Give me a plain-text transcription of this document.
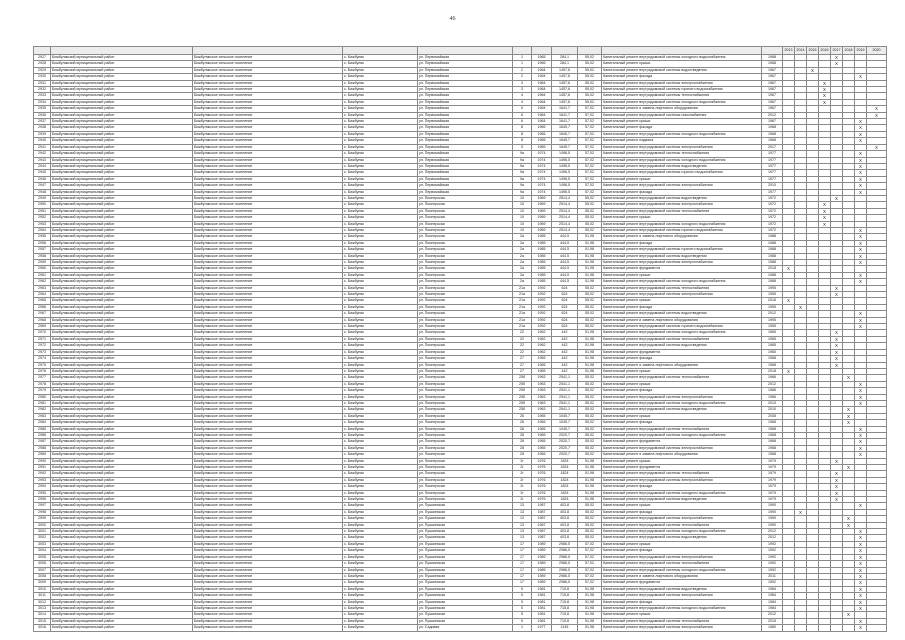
46
											2013	2014	2015	2016	2017	2018	2019	2020
2927	Бижбулякский муниципальный район	Бижбулякское сельское поселение	с. Бижбуляк	ул. Первомайская	1	1965	284,1	55,02	Капитальный ремонт внутридомовой системы холодного водоснабжения	1968					X			
2928	Бижбулякский муниципальный район	Бижбулякское сельское поселение	с. Бижбуляк	ул. Первомайская	1	1965	284,1	55,02	Капитальный ремонт крыши	1968					X			
2929	Бижбулякский муниципальный район	Бижбулякское сельское поселение	с. Бижбуляк	ул. Первомайская	2	1964	1457,6	55,02	Капитальный ремонт внутридомовой системы водоотведения	1967			X					
2930	Бижбулякский муниципальный район	Бижбулякское сельское поселение	с. Бижбуляк	ул. Первомайская	2	1964	1457,6	55,02	Капитальный ремонт фасада	1967							X	
2931	Бижбулякский муниципальный район	Бижбулякское сельское поселение	с. Бижбуляк	ул. Первомайская	3	1964	1457,6	55,02	Капитальный ремонт внутридомовой системы электроснабжения	1967				X				
2932	Бижбулякский муниципальный район	Бижбулякское сельское поселение	с. Бижбуляк	ул. Первомайская	3	1964	1457,6	55,02	Капитальный ремонт внутридомовой системы горячего водоснабжения	1967				X				
2933	Бижбулякский муниципальный район	Бижбулякское сельское поселение	с. Бижбуляк	ул. Первомайская	4	1964	1457,6	55,02	Капитальный ремонт внутридомовой системы теплоснабжения	1967				X				
2934	Бижбулякский муниципальный район	Бижбулякское сельское поселение	с. Бижбуляк	ул. Первомайская	4	1964	1457,6	55,02	Капитальный ремонт внутридомовой системы холодного водоснабжения	1967				X				
2935	Бижбулякский муниципальный район	Бижбулякское сельское поселение	с. Бижбуляк	ул. Первомайская	5	1964	1641,7	57,02	Капитальный ремонт и замена лифтового оборудования	1967								X
2936	Бижбулякский муниципальный район	Бижбулякское сельское поселение	с. Бижбуляк	ул. Первомайская	6	1964	1641,7	57,02	Капитальный ремонт внутридомовой системы газоснабжения	2012								X
2937	Бижбулякский муниципальный район	Бижбулякское сельское поселение	с. Бижбуляк	ул. Первомайская	6	1964	1641,7	57,02	Капитальный ремонт крыши	1967							X	
2938	Бижбулякский муниципальный район	Бижбулякское сельское поселение	с. Бижбуляк	ул. Первомайская	8	1965	1645,7	57,02	Капитальный ремонт фасада	1968							X	
2939	Бижбулякский муниципальный район	Бижбулякское сельское поселение	с. Бижбуляк	ул. Первомайская	8	1965	1645,7	57,02	Капитальный ремонт внутридомовой системы холодного водоснабжения	1968							X	
2940	Бижбулякский муниципальный район	Бижбулякское сельское поселение	с. Бижбуляк	ул. Первомайская	8	1965	1645,7	57,02	Капитальный ремонт подвала	1968							X	
2941	Бижбулякский муниципальный район	Бижбулякское сельское поселение	с. Бижбуляк	ул. Первомайская	9	1965	1645,7	57,02	Капитальный ремонт внутридомовой системы электроснабжения	2017								X
2942	Бижбулякский муниципальный район	Бижбулякское сельское поселение	с. Бижбуляк	ул. Первомайская	9а	1974	1496,5	57,02	Капитальный ремонт внутридомовой системы теплоснабжения	1977							X	
2943	Бижбулякский муниципальный район	Бижбулякское сельское поселение	с. Бижбуляк	ул. Первомайская	9а	1974	1496,5	57,02	Капитальный ремонт внутридомовой системы холодного водоснабжения	1977							X	
2944	Бижбулякский муниципальный район	Бижбулякское сельское поселение	с. Бижбуляк	ул. Первомайская	9а	1974	1496,5	57,02	Капитальный ремонт внутридомовой системы водоотведения	1977							X	
2945	Бижбулякский муниципальный район	Бижбулякское сельское поселение	с. Бижбуляк	ул. Первомайская	9а	1974	1496,5	57,02	Капитальный ремонт внутридомовой системы горячего водоснабжения	1977							X	
2946	Бижбулякский муниципальный район	Бижбулякское сельское поселение	с. Бижбуляк	ул. Первомайская	9а	1974	1496,5	57,02	Капитальный ремонт крыши	1977							X	
2947	Бижбулякский муниципальный район	Бижбулякское сельское поселение	с. Бижбуляк	ул. Первомайская	9а	1974	1496,5	57,02	Капитальный ремонт внутридомовой системы электроснабжения	2010							X	
2948	Бижбулякский муниципальный район	Бижбулякское сельское поселение	с. Бижбуляк	ул. Первомайская	9а	1974	1496,5	57,02	Капитальный ремонт фасада	1977							X	
2949	Бижбулякский муниципальный район	Бижбулякское сельское поселение	с. Бижбуляк	ул. Пионерская	10	1969	2514,4	55,02	Капитальный ремонт внутридомовой системы водоотведения	1972					X			
2950	Бижбулякский муниципальный район	Бижбулякское сельское поселение	с. Бижбуляк	ул. Пионерская	10	1969	2514,4	55,02	Капитальный ремонт внутридомовой системы электроснабжения	1972				X				
2951	Бижбулякский муниципальный район	Бижбулякское сельское поселение	с. Бижбуляк	ул. Пионерская	10	1969	2514,4	55,02	Капитальный ремонт внутридомовой системы теплоснабжения	1972				X				
2952	Бижбулякский муниципальный район	Бижбулякское сельское поселение	с. Бижбуляк	ул. Пионерская	10	1969	2514,4	55,02	Капитальный ремонт крыши	1972				X				
2953	Бижбулякский муниципальный район	Бижбулякское сельское поселение	с. Бижбуляк	ул. Пионерская	10	1969	2514,4	55,02	Капитальный ремонт внутридомовой системы холодного водоснабжения	1972				X				
2954	Бижбулякский муниципальный район	Бижбулякское сельское поселение	с. Бижбуляк	ул. Пионерская	10	1969	2514,4	55,02	Капитальный ремонт внутридомовой системы горячего водоснабжения	1972							X	
2955	Бижбулякский муниципальный район	Бижбулякское сельское поселение	с. Бижбуляк	ул. Пионерская	2а	1985	444,5	51,98	Капитальный ремонт и замена лифтового оборудования	1988							X	
2956	Бижбулякский муниципальный район	Бижбулякское сельское поселение	с. Бижбуляк	ул. Пионерская	2а	1985	444,5	51,98	Капитальный ремонт фасада	1988							X	
2957	Бижбулякский муниципальный район	Бижбулякское сельское поселение	с. Бижбуляк	ул. Пионерская	2а	1985	444,5	51,98	Капитальный ремонт внутридомовой системы горячего водоснабжения	1988							X	
2958	Бижбулякский муниципальный район	Бижбулякское сельское поселение	с. Бижбуляк	ул. Пионерская	2а	1985	444,5	51,98	Капитальный ремонт внутридомовой системы водоотведения	1988							X	
2959	Бижбулякский муниципальный район	Бижбулякское сельское поселение	с. Бижбуляк	ул. Пионерская	2а	1985	444,5	51,98	Капитальный ремонт внутридомовой системы электроснабжения	1988							X	
2960	Бижбулякский муниципальный район	Бижбулякское сельское поселение	с. Бижбуляк	ул. Пионерская	2а	1985	444,5	51,98	Капитальный ремонт фундамента	2018	X							
2961	Бижбулякский муниципальный район	Бижбулякское сельское поселение	с. Бижбуляк	ул. Пионерская	2а	1985	444,5	51,98	Капитальный ремонт крыши	1988							X	
2962	Бижбулякский муниципальный район	Бижбулякское сельское поселение	с. Бижбуляк	ул. Пионерская	2а	1985	444,5	51,98	Капитальный ремонт внутридомовой системы холодного водоснабжения	1988							X	
2963	Бижбулякский муниципальный район	Бижбулякское сельское поселение	с. Бижбуляк	ул. Пионерская	21а	1992	624	55,02	Капитальный ремонт внутридомовой системы теплоснабжения	1995					X			
2964	Бижбулякский муниципальный район	Бижбулякское сельское поселение	с. Бижбуляк	ул. Пионерская	21а	1992	624	55,02	Капитальный ремонт внутридомовой системы электроснабжения	1995					X			
2965	Бижбулякский муниципальный район	Бижбулякское сельское поселение	с. Бижбуляк	ул. Пионерская	21а	1992	624	55,02	Капитальный ремонт крыши	2016	X							
2966	Бижбулякский муниципальный район	Бижбулякское сельское поселение	с. Бижбуляк	ул. Пионерская	21а	1992	624	55,02	Капитальный ремонт фасада	1995		X						
2967	Бижбулякский муниципальный район	Бижбулякское сельское поселение	с. Бижбуляк	ул. Пионерская	21а	1992	624	55,02	Капитальный ремонт внутридомовой системы водоотведения	2012							X	
2968	Бижбулякский муниципальный район	Бижбулякское сельское поселение	с. Бижбуляк	ул. Пионерская	21а	1992	624	55,02	Капитальный ремонт и замена лифтового оборудования	1995							X	
2969	Бижбулякский муниципальный район	Бижбулякское сельское поселение	с. Бижбуляк	ул. Пионерская	21а	1992	624	55,02	Капитальный ремонт внутридомовой системы горячего водоснабжения	1995							X	
2970	Бижбулякский муниципальный район	Бижбулякское сельское поселение	с. Бижбуляк	ул. Пионерская	22	1962	442	51,98	Капитальный ремонт внутридомовой системы холодного водоснабжения	1965					X			
2971	Бижбулякский муниципальный район	Бижбулякское сельское поселение	с. Бижбуляк	ул. Пионерская	22	1962	442	51,98	Капитальный ремонт внутридомовой системы теплоснабжения	1965					X			
2972	Бижбулякский муниципальный район	Бижбулякское сельское поселение	с. Бижбуляк	ул. Пионерская	22	1962	442	51,98	Капитальный ремонт внутридомовой системы водоотведения	1965					X			
2973	Бижбулякский муниципальный район	Бижбулякское сельское поселение	с. Бижбуляк	ул. Пионерская	22	1962	442	51,98	Капитальный ремонт фундамента	1965					X			
2974	Бижбулякский муниципальный район	Бижбулякское сельское поселение	с. Бижбуляк	ул. Пионерская	27	1965	442	51,98	Капитальный ремонт фасада	1968					X			
2975	Бижбулякский муниципальный район	Бижбулякское сельское поселение	с. Бижбуляк	ул. Пионерская	27	1965	442	51,98	Капитальный ремонт и замена лифтового оборудования	1968					X			
2976	Бижбулякский муниципальный район	Бижбулякское сельское поселение	с. Бижбуляк	ул. Пионерская	27	1965	442	51,98	Капитальный ремонт крыши	2018	X							
2977	Бижбулякский муниципальный район	Бижбулякское сельское поселение	с. Бижбуляк	ул. Пионерская	25б	1963	2541,1	55,02	Капитальный ремонт внутридомовой системы теплоснабжения	1966						X		
2978	Бижбулякский муниципальный район	Бижбулякское сельское поселение	с. Бижбуляк	ул. Пионерская	25б	1963	2541,1	55,02	Капитальный ремонт крыши	2012							X	
2979	Бижбулякский муниципальный район	Бижбулякское сельское поселение	с. Бижбуляк	ул. Пионерская	25б	1963	2541,1	55,02	Капитальный ремонт фасада	1966							X	
2980	Бижбулякский муниципальный район	Бижбулякское сельское поселение	с. Бижбуляк	ул. Пионерская	25б	1963	2541,1	55,02	Капитальный ремонт внутридомовой системы электроснабжения	1966							X	
2981	Бижбулякский муниципальный район	Бижбулякское сельское поселение	с. Бижбуляк	ул. Пионерская	25б	1963	2541,1	55,02	Капитальный ремонт внутридомовой системы холодного водоснабжения	2010							X	
2982	Бижбулякский муниципальный район	Бижбулякское сельское поселение	с. Бижбуляк	ул. Пионерская	25б	1963	2541,1	55,02	Капитальный ремонт внутридомовой системы водоотведения	2010						X		
2983	Бижбулякский муниципальный район	Бижбулякское сельское поселение	с. Бижбуляк	ул. Пионерская	26	1965	1045,7	55,02	Капитальный ремонт крыши	2008						X		
2984	Бижбулякский муниципальный район	Бижбулякское сельское поселение	с. Бижбуляк	ул. Пионерская	26	1965	1045,7	55,02	Капитальный ремонт фасада	1968						X		
2985	Бижбулякский муниципальный район	Бижбулякское сельское поселение	с. Бижбуляк	ул. Пионерская	26	1965	1045,7	55,02	Капитальный ремонт внутридомовой системы теплоснабжения	1968							X	
2986	Бижбулякский муниципальный район	Бижбулякское сельское поселение	с. Бижбуляк	ул. Пионерская	28	1965	2020,7	55,02	Капитальный ремонт внутридомовой системы холодного водоснабжения	1968							X	
2987	Бижбулякский муниципальный район	Бижбулякское сельское поселение	с. Бижбуляк	ул. Пионерская	28	1965	2020,7	55,02	Капитальный ремонт фундамента	1968							X	
2988	Бижбулякский муниципальный район	Бижбулякское сельское поселение	с. Бижбуляк	ул. Пионерская	28	1965	2020,7	55,02	Капитальный ремонт внутридомовой системы электроснабжения	1968							X	
2989	Бижбулякский муниципальный район	Бижбулякское сельское поселение	с. Бижбуляк	ул. Пионерская	28	1965	2020,7	55,02	Капитальный ремонт и замена лифтового оборудования	1968							X	
2990	Бижбулякский муниципальный район	Бижбулякское сельское поселение	с. Бижбуляк	ул. Пионерская	2г	1976	1824	51,98	Капитальный ремонт крыши	1979					X			
2991	Бижбулякский муниципальный район	Бижбулякское сельское поселение	с. Бижбуляк	ул. Пионерская	2г	1976	1824	51,98	Капитальный ремонт фундамента	1979						X		
2992	Бижбулякский муниципальный район	Бижбулякское сельское поселение	с. Бижбуляк	ул. Пионерская	2г	1976	1824	51,98	Капитальный ремонт внутридомовой системы теплоснабжения	1979					X			
2993	Бижбулякский муниципальный район	Бижбулякское сельское поселение	с. Бижбуляк	ул. Пионерская	2г	1976	1824	51,98	Капитальный ремонт внутридомовой системы электроснабжения	1979					X			
2994	Бижбулякский муниципальный район	Бижбулякское сельское поселение	с. Бижбуляк	ул. Пионерская	2г	1976	1824	51,98	Капитальный ремонт фасада	1979					X			
2995	Бижбулякский муниципальный район	Бижбулякское сельское поселение	с. Бижбуляк	ул. Пионерская	2г	1976	1824	51,98	Капитальный ремонт внутридомовой системы холодного водоснабжения	1979					X			
2996	Бижбулякский муниципальный район	Бижбулякское сельское поселение	с. Бижбуляк	ул. Пионерская	2г	1976	1824	51,98	Капитальный ремонт внутридомовой системы водоотведения	1979					X			
2997	Бижбулякский муниципальный район	Бижбулякское сельское поселение	с. Бижбуляк	ул. Пушкинская	13	1987	403,8	55,02	Капитальный ремонт крыши	1990							X	
2998	Бижбулякский муниципальный район	Бижбулякское сельское поселение	с. Бижбуляк	ул. Пушкинская	13	1987	403,8	55,02	Капитальный ремонт фасада	1990		X						
2999	Бижбулякский муниципальный район	Бижбулякское сельское поселение	с. Бижбуляк	ул. Пушкинская	13	1987	403,8	55,02	Капитальный ремонт внутридомовой системы электроснабжения	1990						X		
3000	Бижбулякский муниципальный район	Бижбулякское сельское поселение	с. Бижбуляк	ул. Пушкинская	13	1987	403,8	55,02	Капитальный ремонт внутридомовой системы теплоснабжения	1990						X		
3001	Бижбулякский муниципальный район	Бижбулякское сельское поселение	с. Бижбуляк	ул. Пушкинская	13	1987	403,8	55,02	Капитальный ремонт внутридомовой системы холодного водоснабжения	2012							X	
3002	Бижбулякский муниципальный район	Бижбулякское сельское поселение	с. Бижбуляк	ул. Пушкинская	13	1987	403,8	55,02	Капитальный ремонт внутридомовой системы водоотведения	2012							X	
3003	Бижбулякский муниципальный район	Бижбулякское сельское поселение	с. Бижбуляк	ул. Пушкинская	17	1989	2986,5	57,02	Капитальный ремонт крыши	1992							X	
3004	Бижбулякский муниципальный район	Бижбулякское сельское поселение	с. Бижбуляк	ул. Пушкинская	17	1989	2986,5	57,02	Капитальный ремонт фасада	1992							X	
3005	Бижбулякский муниципальный район	Бижбулякское сельское поселение	с. Бижбуляк	ул. Пушкинская	17	1989	2986,5	57,02	Капитальный ремонт внутридомовой системы электроснабжения	1992							X	
3006	Бижбулякский муниципальный район	Бижбулякское сельское поселение	с. Бижбуляк	ул. Пушкинская	17	1989	2986,5	57,02	Капитальный ремонт внутридомовой системы теплоснабжения	1992							X	
3007	Бижбулякский муниципальный район	Бижбулякское сельское поселение	с. Бижбуляк	ул. Пушкинская	17	1989	2986,5	57,02	Капитальный ремонт внутридомовой системы холодного водоснабжения	1992							X	
3008	Бижбулякский муниципальный район	Бижбулякское сельское поселение	с. Бижбуляк	ул. Пушкинская	17	1989	2986,5	57,02	Капитальный ремонт и замена лифтового оборудования	2011							X	
3009	Бижбулякский муниципальный район	Бижбулякское сельское поселение	с. Бижбуляк	ул. Пушкинская	17	1989	2986,5	57,02	Капитальный ремонт фундамента	1992							X	
3010	Бижбулякский муниципальный район	Бижбулякское сельское поселение	с. Бижбуляк	ул. Пушкинская	5	1981	715,8	51,98	Капитальный ремонт внутридомовой системы водоотведения	1984							X	
3011	Бижбулякский муниципальный район	Бижбулякское сельское поселение	с. Бижбуляк	ул. Пушкинская	5	1981	715,8	51,98	Капитальный ремонт внутридомовой системы электроснабжения	1984							X	
3012	Бижбулякский муниципальный район	Бижбулякское сельское поселение	с. Бижбуляк	ул. Пушкинская	5	1981	715,8	51,98	Капитальный ремонт фасада	1984							X	
3013	Бижбулякский муниципальный район	Бижбулякское сельское поселение	с. Бижбуляк	ул. Пушкинская	5	1981	715,8	51,98	Капитальный ремонт внутридомовой системы холодного водоснабжения	1984							X	
3014	Бижбулякский муниципальный район	Бижбулякское сельское поселение	с. Бижбуляк	ул. Пушкинская	5	1981	715,8	51,98	Капитальный ремонт крыши	2012						X		
3015	Бижбулякский муниципальный район	Бижбулякское сельское поселение	с. Бижбуляк	ул. Пушкинская	5	1981	715,8	51,98	Капитальный ремонт внутридомовой системы теплоснабжения	2015							X	
3016	Бижбулякский муниципальный район	Бижбулякское сельское поселение	с. Бижбуляк	ул. Садовая	1	1977	1145	51,98	Капитальный ремонт внутридомовой системы электроснабжения	1980							X	
